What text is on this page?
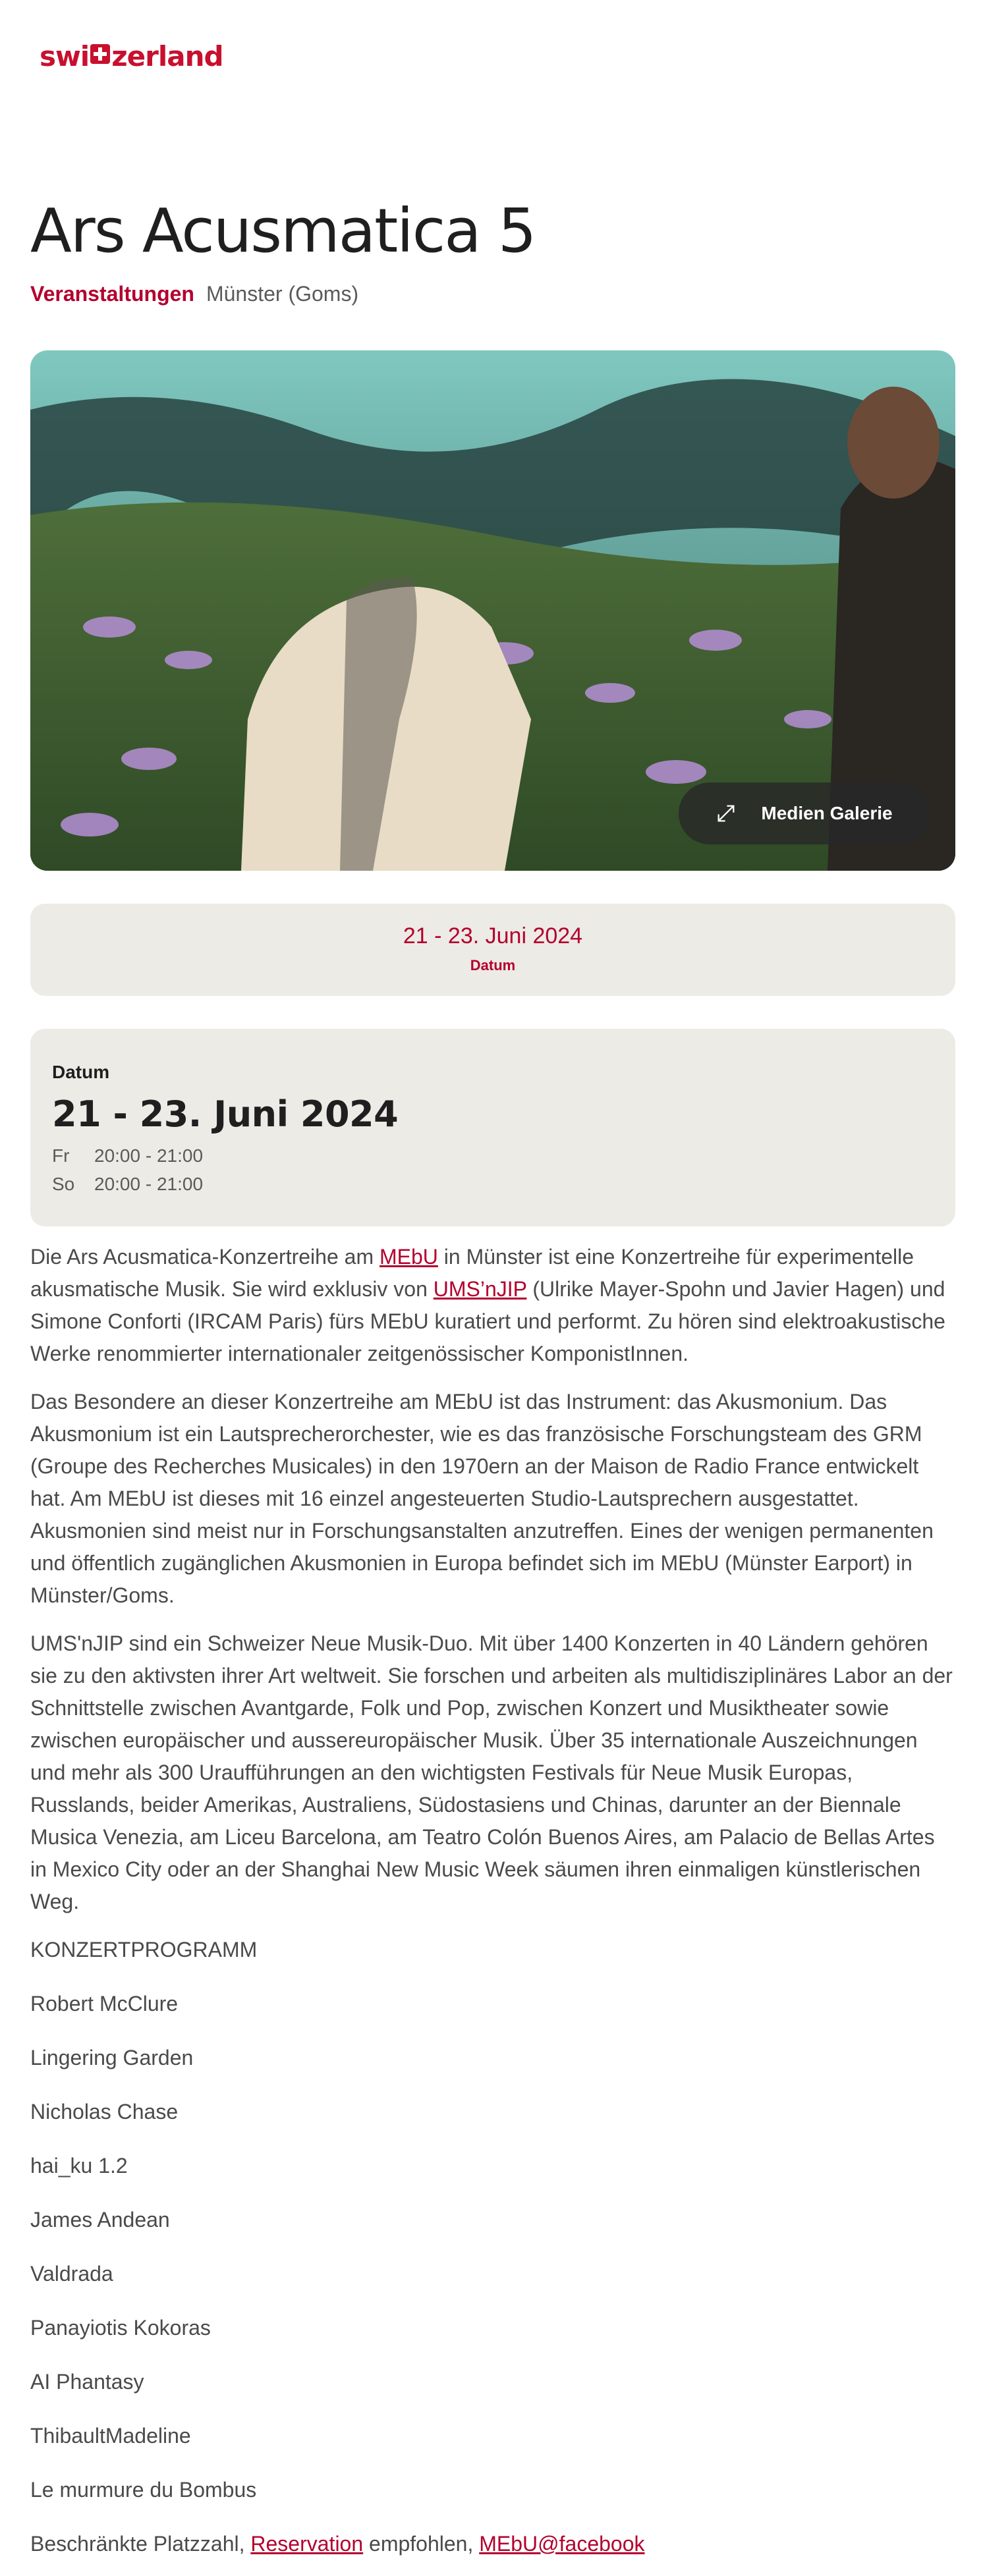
swi zerland
Ars Acusmatica 5
Veranstaltungen Münster (Goms)
Medien Galerie
21 - 23. Juni 2024
Datum
Datum
21 - 23. Juni 2024
Fr	20:00 - 21:00
So	20:00 - 21:00

Die Ars Acusmatica-Konzertreihe am MEbU in Münster ist eine Konzertreihe für experimentelle akusmatische Musik. Sie wird exklusiv von UMS’nJIP (Ulrike Mayer-Spohn und Javier Hagen) und Simone Conforti (IRCAM Paris) fürs MEbU kuratiert und performt. Zu hören sind elektroakustische Werke renommierter internationaler zeitgenössischer KomponistInnen.

Das Besondere an dieser Konzertreihe am MEbU ist das Instrument: das Akusmonium. Das Akusmonium ist ein Lautsprecherorchester, wie es das französische Forschungsteam des GRM (Groupe des Recherches Musicales) in den 1970ern an der Maison de Radio France entwickelt hat. Am MEbU ist dieses mit 16 einzel angesteuerten Studio-Lautsprechern ausgestattet. Akusmonien sind meist nur in Forschungsanstalten anzutreffen. Eines der wenigen permanenten und öffentlich zugänglichen Akusmonien in Europa befindet sich im MEbU (Münster Earport) in Münster/Goms.

UMS'nJIP sind ein Schweizer Neue Musik-Duo. Mit über 1400 Konzerten in 40 Ländern gehören sie zu den aktivsten ihrer Art weltweit. Sie forschen und arbeiten als multidisziplinäres Labor an der Schnittstelle zwischen Avantgarde, Folk und Pop, zwischen Konzert und Musiktheater sowie zwischen europäischer und aussereuropäischer Musik. Über 35 internationale Auszeichnungen und mehr als 300 Uraufführungen an den wichtigsten Festivals für Neue Musik Europas, Russlands, beider Amerikas, Australiens, Südostasiens und Chinas, darunter an der Biennale Musica Venezia, am Liceu Barcelona, am Teatro Colón Buenos Aires, am Palacio de Bellas Artes in Mexico City oder an der Shanghai New Music Week säumen ihren einmaligen künstlerischen Weg.

KONZERTPROGRAMM

Robert McClure

Lingering Garden

Nicholas Chase

hai_ku 1.2

James Andean

Valdrada

Panayiotis Kokoras

AI Phantasy

ThibaultMadeline

Le murmure du Bombus

Beschränkte Platzzahl, Reservation empfohlen, MEbU@facebook
